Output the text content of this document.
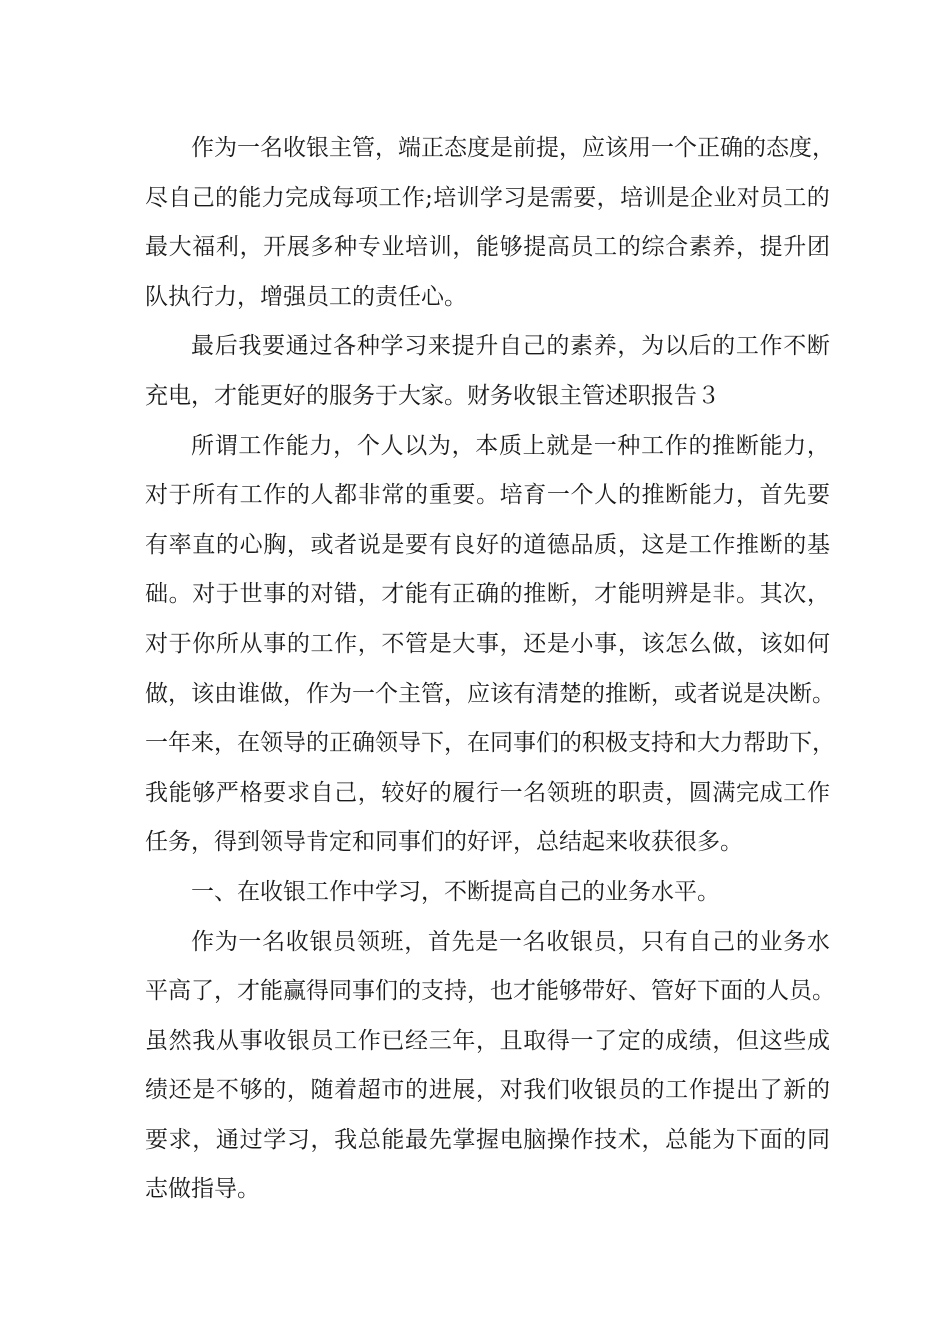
作 为 一 名 收 银 主 管 ， 端 正 态 度 是 前 提 ， 应 该 用 一 个 正 确 的 态 度 ，
尽 自 己 的 能 力 完 成 每 项 工 作 ; 培 训 学 习 是 需 要 ， 培 训 是 企 业 对 员 工 的
最 大 福 利 ， 开 展 多 种 专 业 培 训 ， 能 够 提 高 员 工 的 综 合 素 养 ， 提 升 团
队执行力，增强员工的责任心。
最 后 我 要 通 过 各 种 学 习 来 提 升 自 己 的 素 养 ， 为 以 后 的 工 作 不 断
充电，才能更好的服务于大家。财务收银主管述职报告３
所 谓 工 作 能 力 ， 个 人 以 为 ， 本 质 上 就 是 一 种 工 作 的 推 断 能 力 ，
对 于 所 有 工 作 的 人 都 非 常 的 重 要 。 培 育 一 个 人 的 推 断 能 力 ， 首 先 要
有 率 直 的 心 胸 ， 或 者 说 是 要 有 良 好 的 道 德 品 质 ， 这 是 工 作 推 断 的 基
础 。 对 于 世 事 的 对 错 ， 才 能 有 正 确 的 推 断 ， 才 能 明 辨 是 非 。 其 次 ，
对 于 你 所 从 事 的 工 作 ， 不 管 是 大 事 ， 还 是 小 事 ， 该 怎 么 做 ， 该 如 何
做 ， 该 由 谁 做 ， 作 为 一 个 主 管 ， 应 该 有 清 楚 的 推 断 ， 或 者 说 是 决 断 。
一 年 来 ， 在 领 导 的 正 确 领 导 下 ， 在 同 事 们 的 积 极 支 持 和 大 力 帮 助 下 ，
我 能 够 严 格 要 求 自 己 ， 较 好 的 履 行 一 名 领 班 的 职 责 ， 圆 满 完 成 工 作
任务，得到领导肯定和同事们的好评，总结起来收获很多。
一、在收银工作中学习，不断提高自己的业务水平。
作 为 一 名 收 银 员 领 班 ， 首 先 是 一 名 收 银 员 ， 只 有 自 己 的 业 务 水
平 高 了 ， 才 能 赢 得 同 事 们 的 支 持 ， 也 才 能 够 带 好 、 管 好 下 面 的 人 员 。
虽 然 我 从 事 收 银 员 工 作 已 经 三 年 ， 且 取 得 一 了 定 的 成 绩 ， 但 这 些 成
绩 还 是 不 够 的 ， 随 着 超 市 的 进 展 ， 对 我 们 收 银 员 的 工 作 提 出 了 新 的
要 求 ， 通 过 学 习 ， 我 总 能 最 先 掌 握 电 脑 操 作 技 术 ， 总 能 为 下 面 的 同
志做指导。
